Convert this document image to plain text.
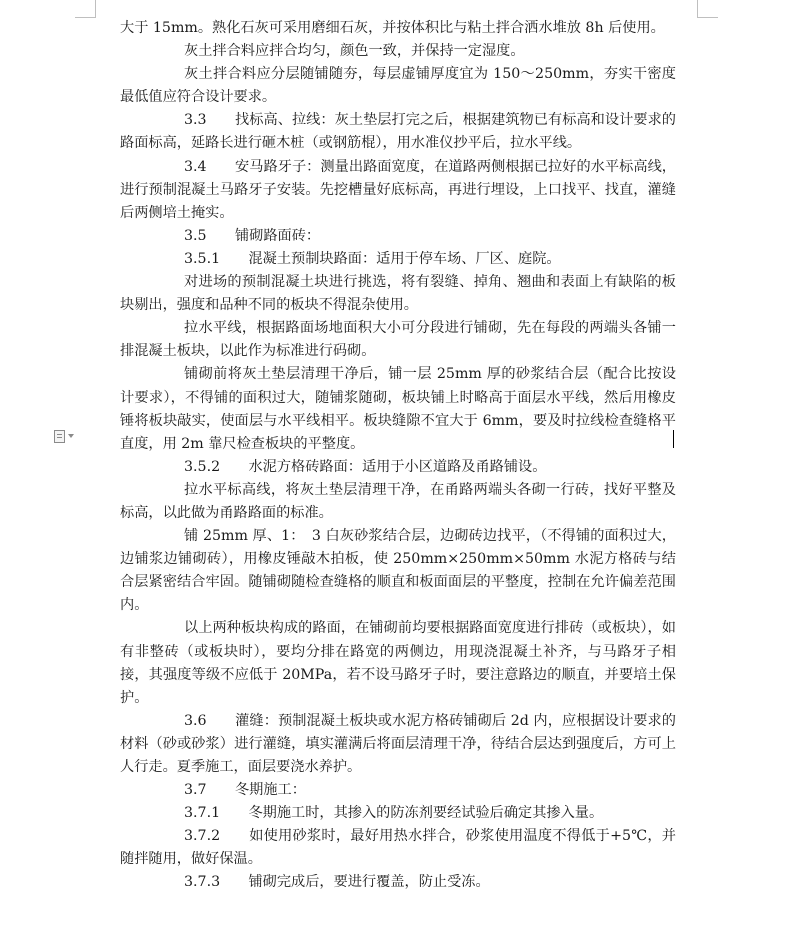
大于 15mm。熟化石灰可采用磨细石灰，并按体积比与粘土拌合洒水堆放 8h 后使用。

灰土拌合料应拌合均匀，颜色一致，并保持一定湿度。

灰土拌合料应分层随铺随夯，每层虚铺厚度宜为 150～250mm，夯实干密度最低值应符合设计要求。

3.3　　找标高、拉线：灰土垫层打完之后，根据建筑物已有标高和设计要求的路面标高，延路长进行砸木桩（或钢筋棍），用水准仪抄平后，拉水平线。

3.4　　安马路牙子：测量出路面宽度，在道路两侧根据已拉好的水平标高线，进行预制混凝土马路牙子安装。先挖槽量好底标高，再进行埋设，上口找平、找直，灌缝后两侧培土掩实。

3.5　　铺砌路面砖：

3.5.1　　混凝土预制块路面：适用于停车场、厂区、庭院。

对进场的预制混凝土块进行挑选，将有裂缝、掉角、翘曲和表面上有缺陷的板块剔出，强度和品种不同的板块不得混杂使用。

拉水平线，根据路面场地面积大小可分段进行铺砌，先在每段的两端头各铺一排混凝土板块，以此作为标准进行码砌。

铺砌前将灰土垫层清理干净后，铺一层 25mm 厚的砂浆结合层（配合比按设计要求），不得铺的面积过大，随铺浆随砌，板块铺上时略高于面层水平线，然后用橡皮锤将板块敲实，使面层与水平线相平。板块缝隙不宜大于 6mm，要及时拉线检查缝格平直度，用 2m 靠尺检查板块的平整度。

3.5.2　　水泥方格砖路面：适用于小区道路及甬路铺设。

拉水平标高线，将灰土垫层清理干净，在甬路两端头各砌一行砖，找好平整及标高，以此做为甬路路面的标准。

铺 25mm 厚、1：　3 白灰砂浆结合层，边砌砖边找平，（不得铺的面积过大，边铺浆边铺砌砖），用橡皮锤敲木拍板，使 250mm×250mm×50mm 水泥方格砖与结合层紧密结合牢固。随铺砌随检查缝格的顺直和板面面层的平整度，控制在允许偏差范围内。

以上两种板块构成的路面，在铺砌前均要根据路面宽度进行排砖（或板块），如有非整砖（或板块时），要均分排在路宽的两侧边，用现浇混凝土补齐，与马路牙子相接，其强度等级不应低于 20MPa，若不设马路牙子时，要注意路边的顺直，并要培土保护。

3.6　　灌缝：预制混凝土板块或水泥方格砖铺砌后 2d 内，应根据设计要求的材料（砂或砂浆）进行灌缝，填实灌满后将面层清理干净，待结合层达到强度后，方可上人行走。夏季施工，面层要浇水养护。

3.7　　冬期施工：

3.7.1　　冬期施工时，其掺入的防冻剂要经试验后确定其掺入量。

3.7.2　　如使用砂浆时，最好用热水拌合，砂浆使用温度不得低于+5℃，并随拌随用，做好保温。

3.7.3　　铺砌完成后，要进行覆盖，防止受冻。
